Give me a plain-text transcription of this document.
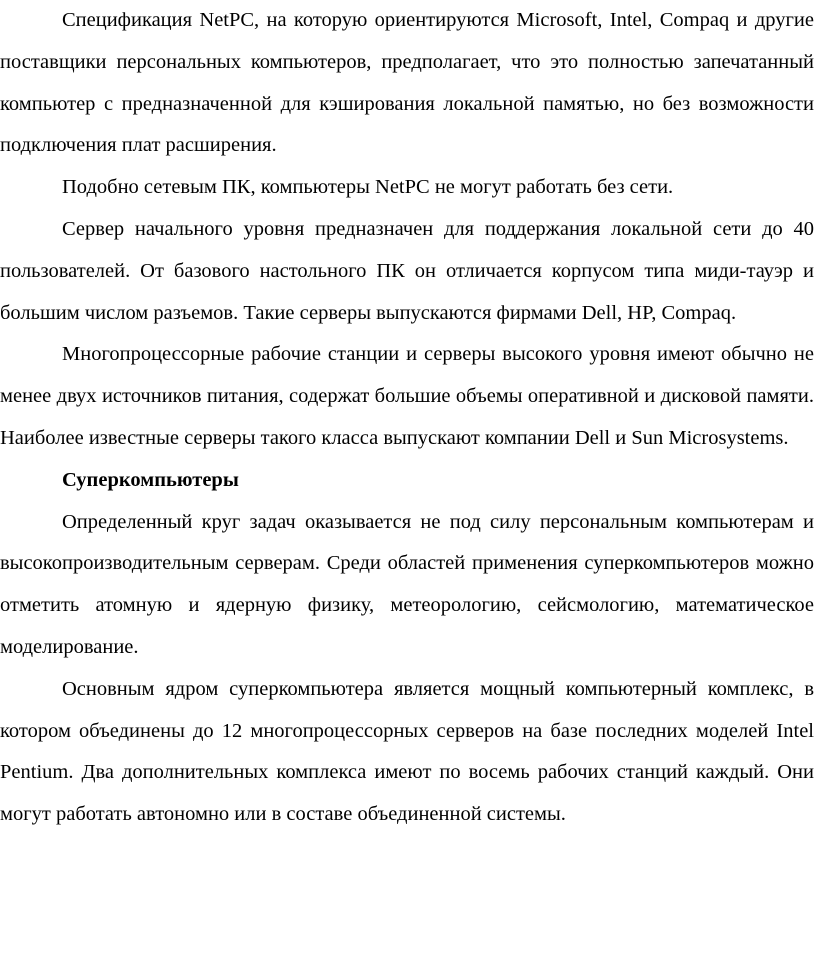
Спецификация NetPC, на которую ориентируются Microsoft, Intel, Compaq и другие поставщики персональных компьютеров, предполагает, что это полностью запечатанный компьютер с предназначенной для кэширования локальной памятью, но без возможности подключения плат расширения.

Подобно сетевым ПК, компьютеры NetPC не могут работать без сети.

Сервер начального уровня предназначен для поддержания локальной сети до 40 пользователей. От базового настольного ПК он отличается корпусом типа миди-тауэр и большим числом разъемов. Такие серверы выпускаются фирмами Dell, HP, Compaq.

Многопроцессорные рабочие станции и серверы высокого уровня имеют обычно не менее двух источников питания, содержат большие объемы оперативной и дисковой памяти. Наиболее известные серверы такого класса выпускают компании Dell и Sun Microsystems.

Суперкомпьютеры

Определенный круг задач оказывается не под силу персональным компьютерам и высокопроизводительным серверам. Среди областей применения суперкомпьютеров можно отметить атомную и ядерную физику, метеорологию, сейсмологию, математическое моделирование.

Основным ядром суперкомпьютера является мощный компьютерный комплекс, в котором объединены до 12 многопроцессорных серверов на базе последних моделей Intel Pentium. Два дополнительных комплекса имеют по восемь рабочих станций каждый. Они могут работать автономно или в составе объединенной системы.
